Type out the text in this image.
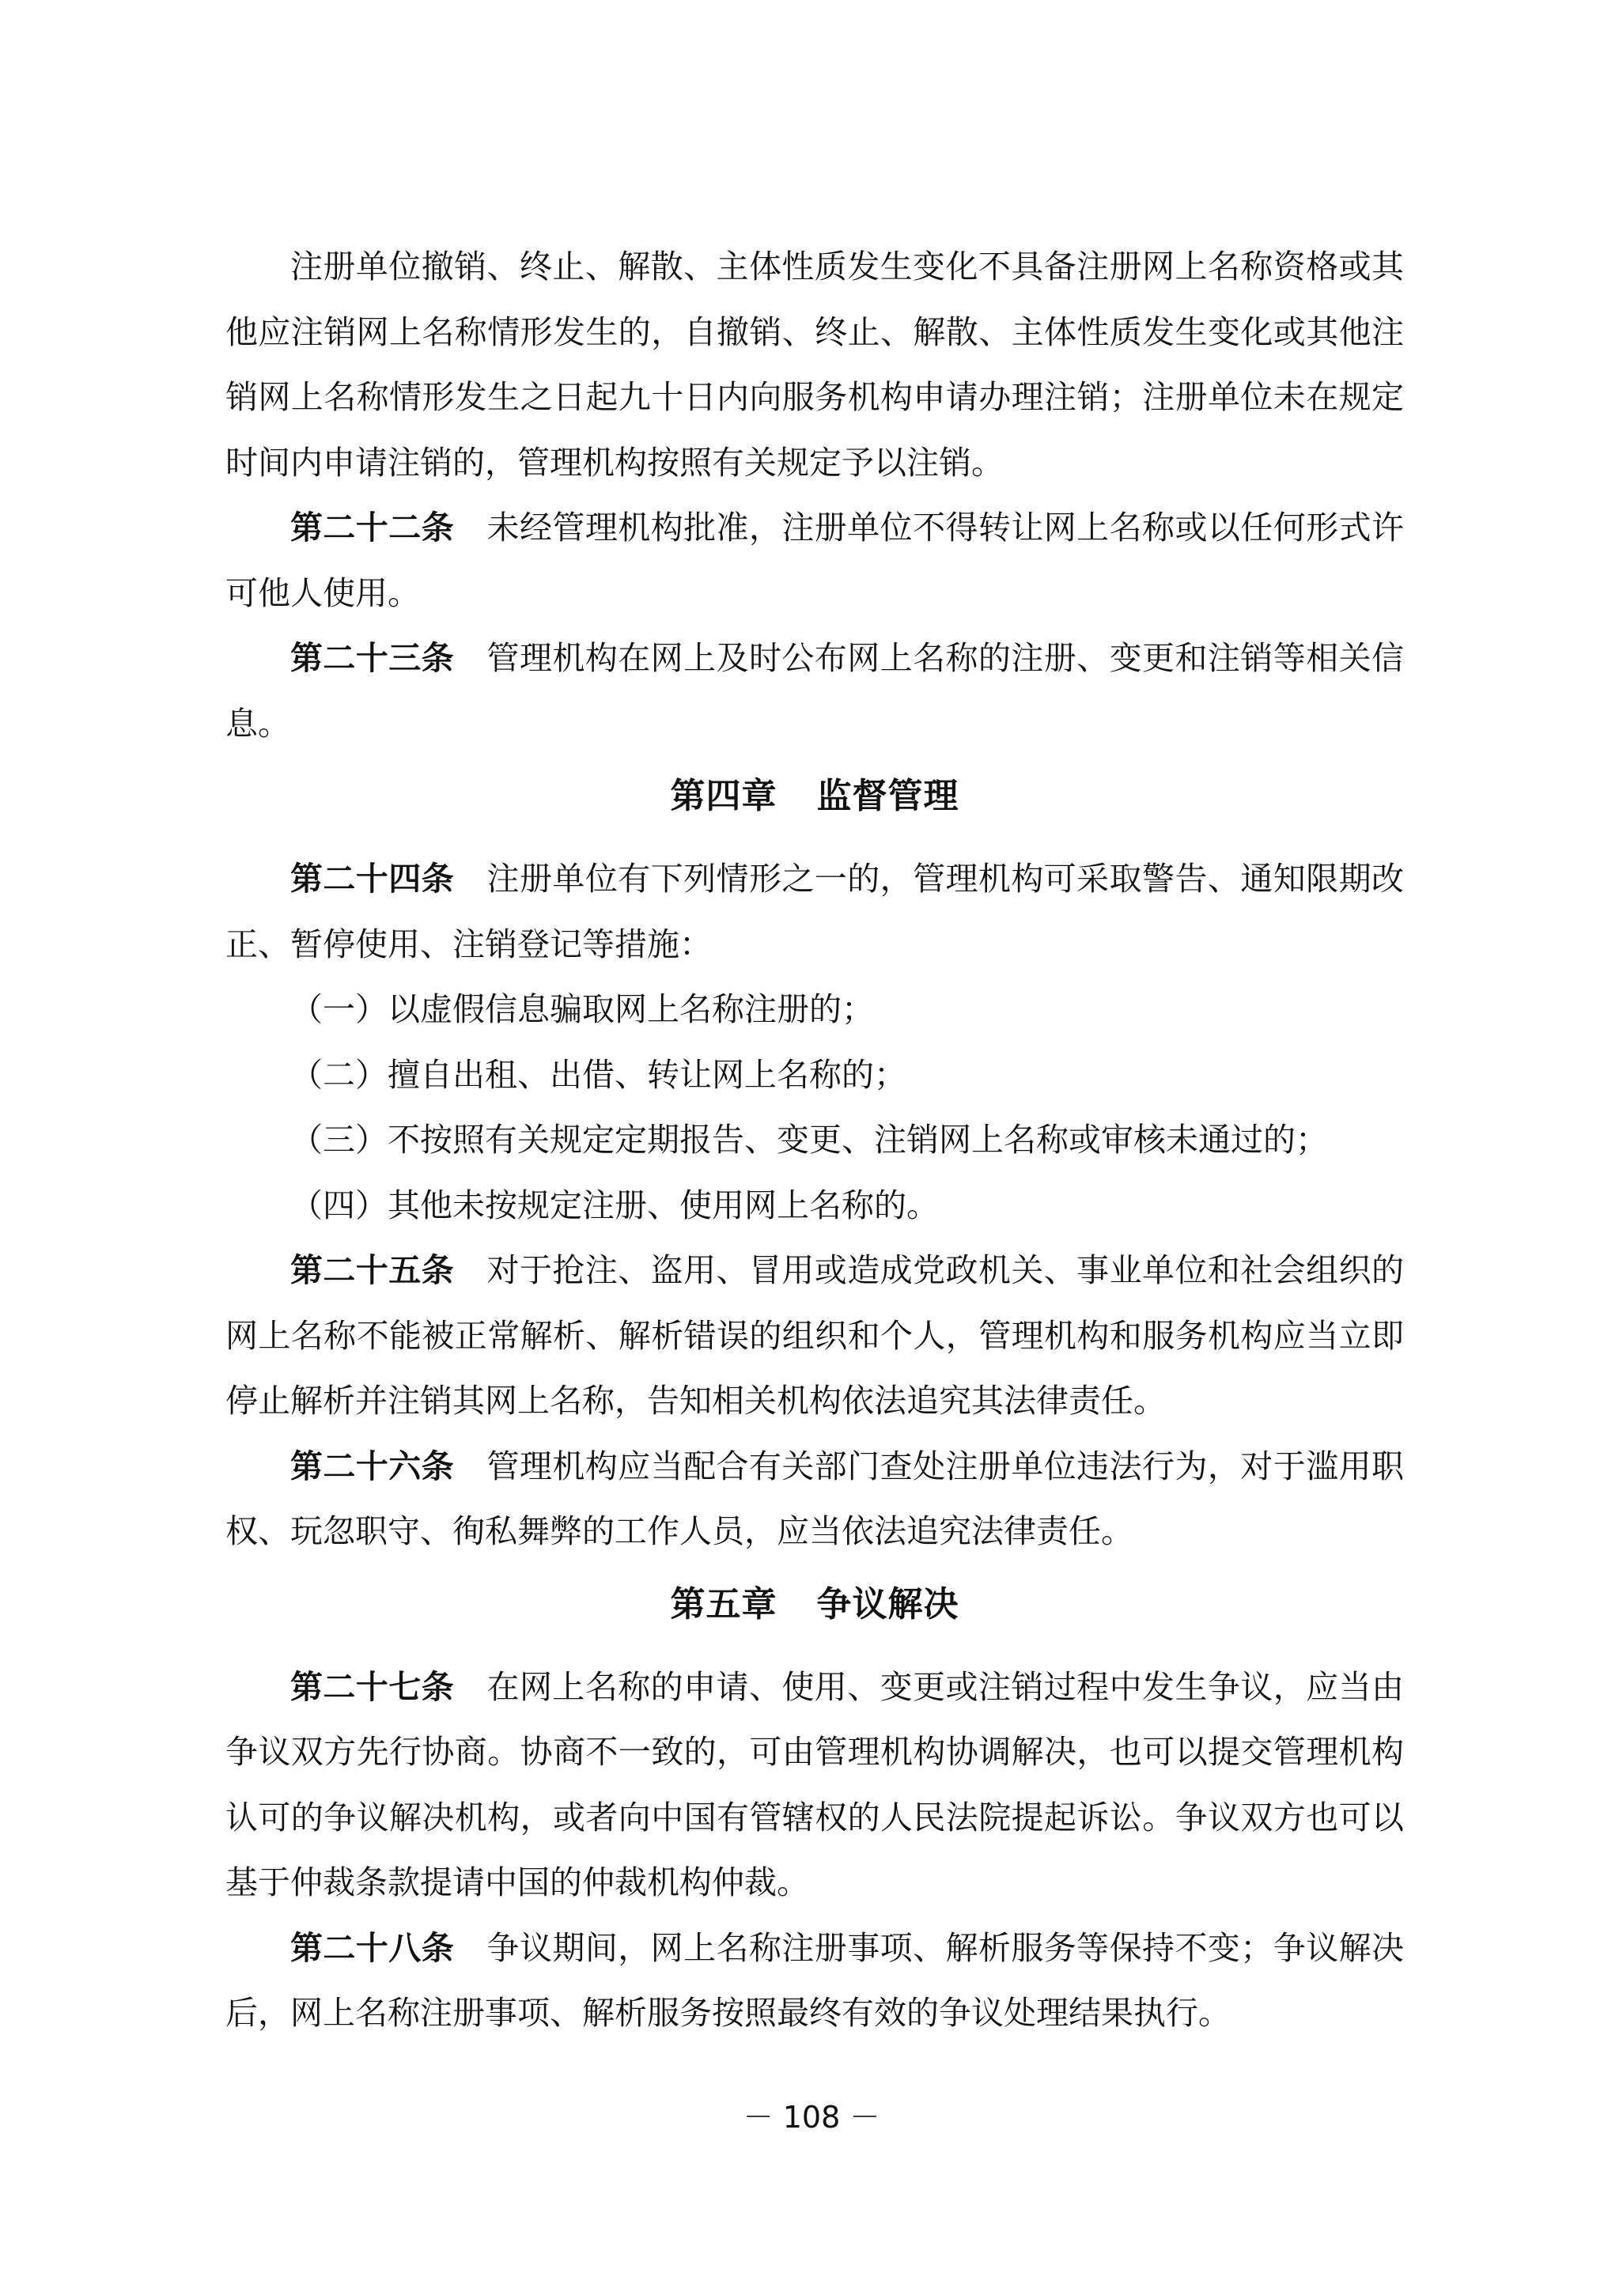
注册单位撤销、终止、解散、主体性质发生变化不具备注册网上名称资格或其他应注销网上名称情形发生的，自撤销、终止、解散、主体性质发生变化或其他注销网上名称情形发生之日起九十日内向服务机构申请办理注销；注册单位未在规定时间内申请注销的，管理机构按照有关规定予以注销。

第二十二条 未经管理机构批准，注册单位不得转让网上名称或以任何形式许可他人使用。

第二十三条 管理机构在网上及时公布网上名称的注册、变更和注销等相关信息。

第四章 监督管理

第二十四条 注册单位有下列情形之一的，管理机构可采取警告、通知限期改正、暂停使用、注销登记等措施：

（一）以虚假信息骗取网上名称注册的；

（二）擅自出租、出借、转让网上名称的；

（三）不按照有关规定定期报告、变更、注销网上名称或审核未通过的；

（四）其他未按规定注册、使用网上名称的。

第二十五条 对于抢注、盗用、冒用或造成党政机关、事业单位和社会组织的网上名称不能被正常解析、解析错误的组织和个人，管理机构和服务机构应当立即停止解析并注销其网上名称，告知相关机构依法追究其法律责任。

第二十六条 管理机构应当配合有关部门查处注册单位违法行为，对于滥用职权、玩忽职守、徇私舞弊的工作人员，应当依法追究法律责任。

第五章 争议解决

第二十七条 在网上名称的申请、使用、变更或注销过程中发生争议，应当由争议双方先行协商。协商不一致的，可由管理机构协调解决，也可以提交管理机构认可的争议解决机构，或者向中国有管辖权的人民法院提起诉讼。争议双方也可以基于仲裁条款提请中国的仲裁机构仲裁。

第二十八条 争议期间，网上名称注册事项、解析服务等保持不变；争议解决后，网上名称注册事项、解析服务按照最终有效的争议处理结果执行。

－ 108 －
